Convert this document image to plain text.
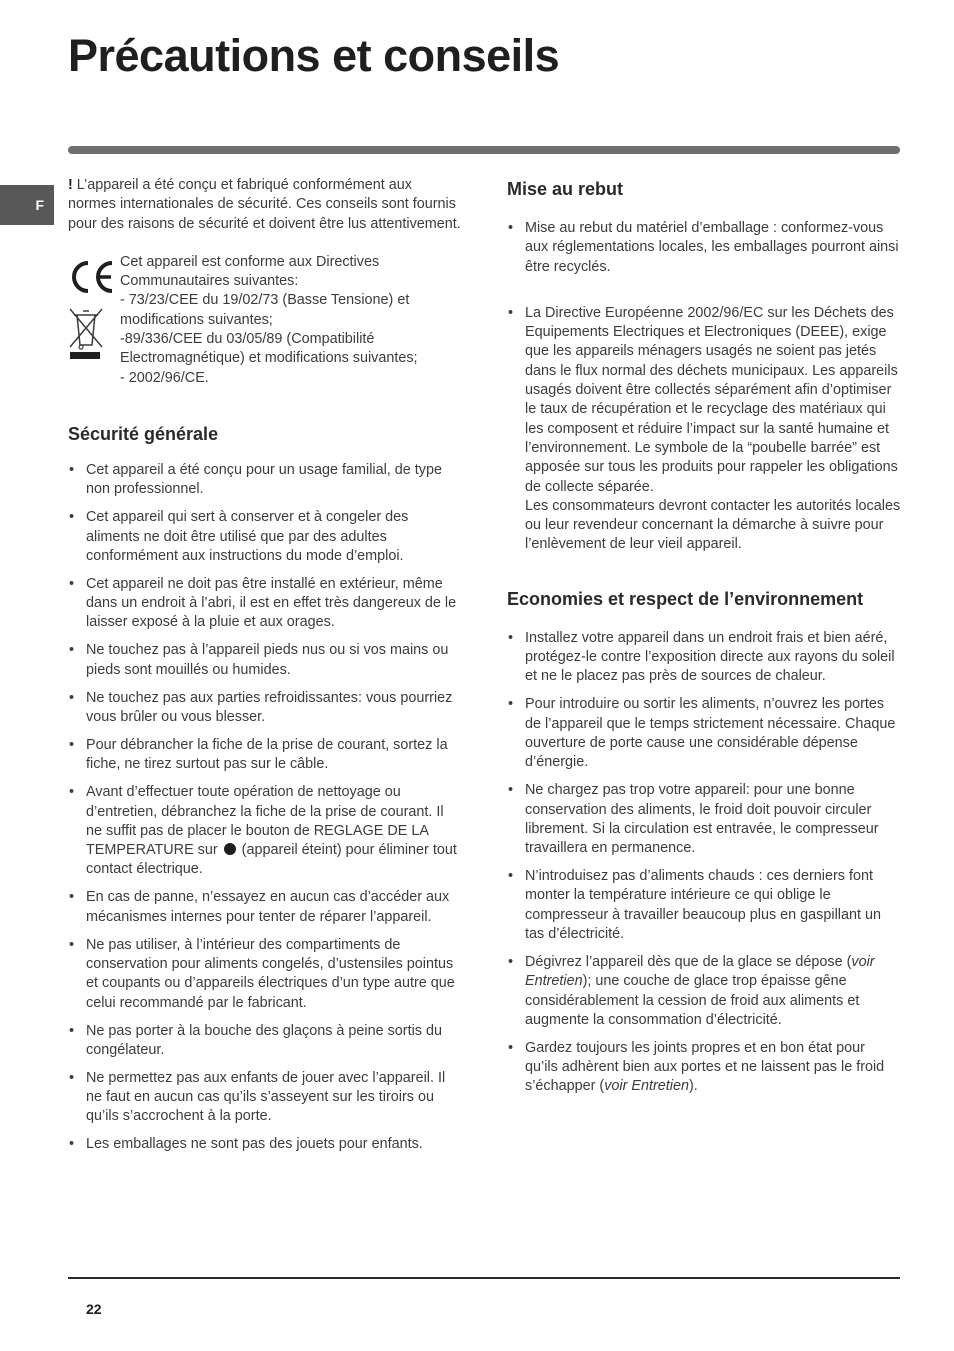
Précautions et conseils
F

! L’appareil a été conçu et fabriqué conformément aux normes internationales de sécurité. Ces conseils sont fournis pour des raisons de sécurité et doivent être lus attentivement.

Cet appareil est conforme aux Directives Communautaires suivantes:

- 73/23/CEE du 19/02/73 (Basse Tensione) et modifications suivantes;

-89/336/CEE du 03/05/89 (Compatibilité Electromagnétique) et modifications suivantes;

- 2002/96/CE.

Sécurité générale
• Cet appareil a été conçu pour un usage familial, de type non professionnel.
• Cet appareil qui sert à conserver et à congeler des aliments ne doit être utilisé que par des adultes conformément aux instructions du mode d’emploi.
• Cet appareil ne doit pas être installé en extérieur, même dans un endroit à l’abri, il est en effet très dangereux de le laisser exposé à la pluie et aux orages.
• Ne touchez pas à l’appareil pieds nus ou si vos mains ou pieds sont mouillés ou humides.
• Ne touchez pas aux parties refroidissantes: vous pourriez vous brûler ou vous blesser.
• Pour débrancher la fiche de la prise de courant, sortez la fiche, ne tirez surtout pas sur le câble.
• Avant d’effectuer toute opération de nettoyage ou d’entretien, débranchez la fiche de la prise de courant. Il ne suffit pas de placer le bouton de REGLAGE DE LA TEMPERATURE sur  (appareil éteint) pour éliminer tout contact électrique.
• En cas de panne, n’essayez en aucun cas d’accéder aux mécanismes internes pour tenter de réparer l’appareil.
• Ne pas utiliser, à l’intérieur des compartiments de conservation pour aliments congelés, d’ustensiles pointus et coupants ou d’appareils électriques d’un type autre que celui recommandé par le fabricant.
• Ne pas porter à la bouche des glaçons à peine sortis du congélateur.
• Ne permettez pas aux enfants de jouer avec l’appareil. Il ne faut en aucun cas qu’ils s’asseyent sur les tiroirs ou qu’ils s’accrochent à la porte.
• Les emballages ne sont pas des jouets pour enfants.
Mise au rebut
• Mise au rebut du matériel d’emballage : conformez-vous aux réglementations locales, les emballages pourront ainsi être recyclés.

• La Directive Européenne 2002/96/EC sur les Déchets des Equipements Electriques et Electroniques (DEEE), exige que les appareils ménagers usagés ne soient pas jetés dans le flux normal des déchets municipaux. Les appareils usagés doivent être collectés séparément afin d’optimiser le taux de récupération et le recyclage des matériaux qui les composent et réduire l’impact sur la santé humaine et l’environnement. Le symbole de la “poubelle barrée” est apposée sur tous les produits pour rappeler les obligations de collecte séparée.

Les consommateurs devront contacter les autorités locales ou leur revendeur concernant la démarche à suivre pour l’enlèvement de leur vieil appareil.

Economies et respect de l’environnement
• Installez votre appareil dans un endroit frais et bien aéré, protégez-le contre l’exposition directe aux rayons du soleil et ne le placez pas près de sources de chaleur.
• Pour introduire ou sortir les aliments, n’ouvrez les portes de l’appareil que le temps strictement nécessaire. Chaque ouverture de porte cause une considérable dépense d’énergie.
• Ne chargez pas trop votre appareil: pour une bonne conservation des aliments, le froid doit pouvoir circuler librement. Si la circulation est entravée, le compresseur travaillera en permanence.
• N’introduisez pas d’aliments chauds : ces derniers font monter la température intérieure ce qui oblige le compresseur à travailler beaucoup plus en gaspillant un tas d’électricité.
• Dégivrez l’appareil dès que de la glace se dépose (voir Entretien); une couche de glace trop épaisse gêne considérablement la cession de froid aux aliments et augmente la consommation d’électricité.
• Gardez toujours les joints propres et en bon état pour qu’ils adhèrent bien aux portes et ne laissent pas le froid s’échapper (voir Entretien).
22
